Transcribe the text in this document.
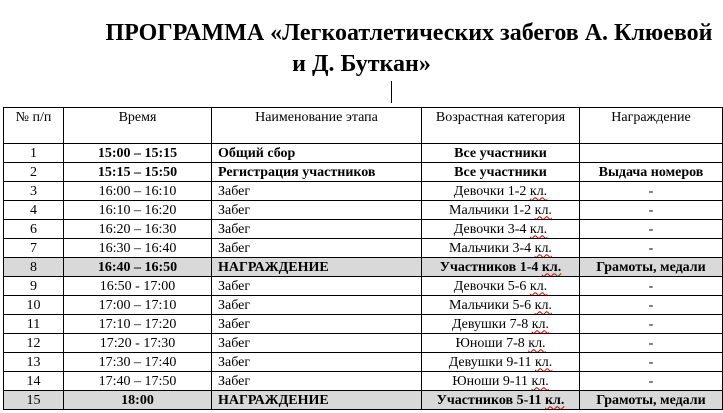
ПРОГРАММА «Легкоатлетических забегов А. Клюевой
и Д. Буткан»
№ п/п	Время	Наименование этапа	Возрастная категория	Награждение
1	15:00 – 15:15	Общий сбор	Все участники	
2	15:15 – 15:50	Регистрация участников	Все участники	Выдача номеров
3	16:00 – 16:10	Забег	Девочки 1-2 кл.	-
4	16:10 – 16:20	Забег	Мальчики 1-2 кл.	-
6	16:20 – 16:30	Забег	Девочки 3-4 кл.	-
7	16:30 – 16:40	Забег	Мальчики 3-4 кл.	-
8	16:40 – 16:50	НАГРАЖДЕНИЕ	Участников 1-4 кл.	Грамоты, медали
9	16:50 - 17:00	Забег	Девочки 5-6 кл.	-
10	17:00 – 17:10	Забег	Мальчики 5-6 кл.	-
11	17:10 – 17:20	Забег	Девушки 7-8 кл.	-
12	17:20 - 17:30	Забег	Юноши 7-8 кл.	-
13	17:30 – 17:40	Забег	Девушки 9-11 кл.	-
14	17:40 – 17:50	Забег	Юноши 9-11 кл.	-
15	18:00	НАГРАЖДЕНИЕ	Участников 5-11 кл.	Грамоты, медали
